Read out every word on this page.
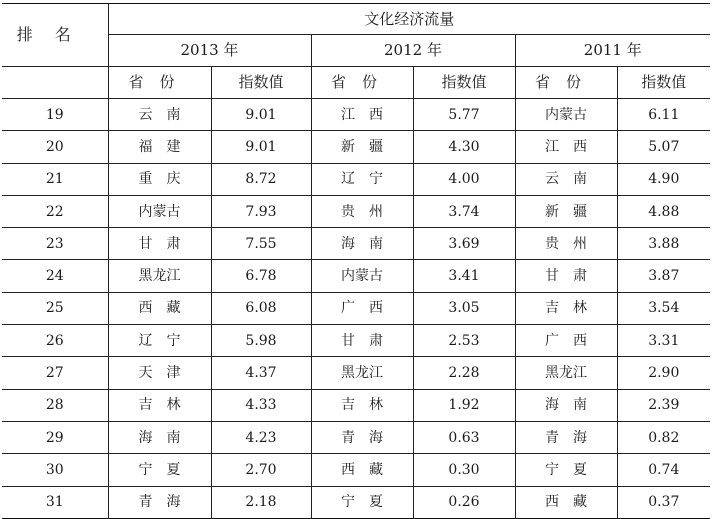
排名	文化经济流量					
	2013 年		2012 年		2011 年	
	省份	指数值	省份	指数值	省份	指数值
19	云南	9.01	江西	5.77	内蒙古	6.11
20	福建	9.01	新疆	4.30	江西	5.07
21	重庆	8.72	辽宁	4.00	云南	4.90
22	内蒙古	7.93	贵州	3.74	新疆	4.88
23	甘肃	7.55	海南	3.69	贵州	3.88
24	黑龙江	6.78	内蒙古	3.41	甘肃	3.87
25	西藏	6.08	广西	3.05	吉林	3.54
26	辽宁	5.98	甘肃	2.53	广西	3.31
27	天津	4.37	黑龙江	2.28	黑龙江	2.90
28	吉林	4.33	吉林	1.92	海南	2.39
29	海南	4.23	青海	0.63	青海	0.82
30	宁夏	2.70	西藏	0.30	宁夏	0.74
31	青海	2.18	宁夏	0.26	西藏	0.37
